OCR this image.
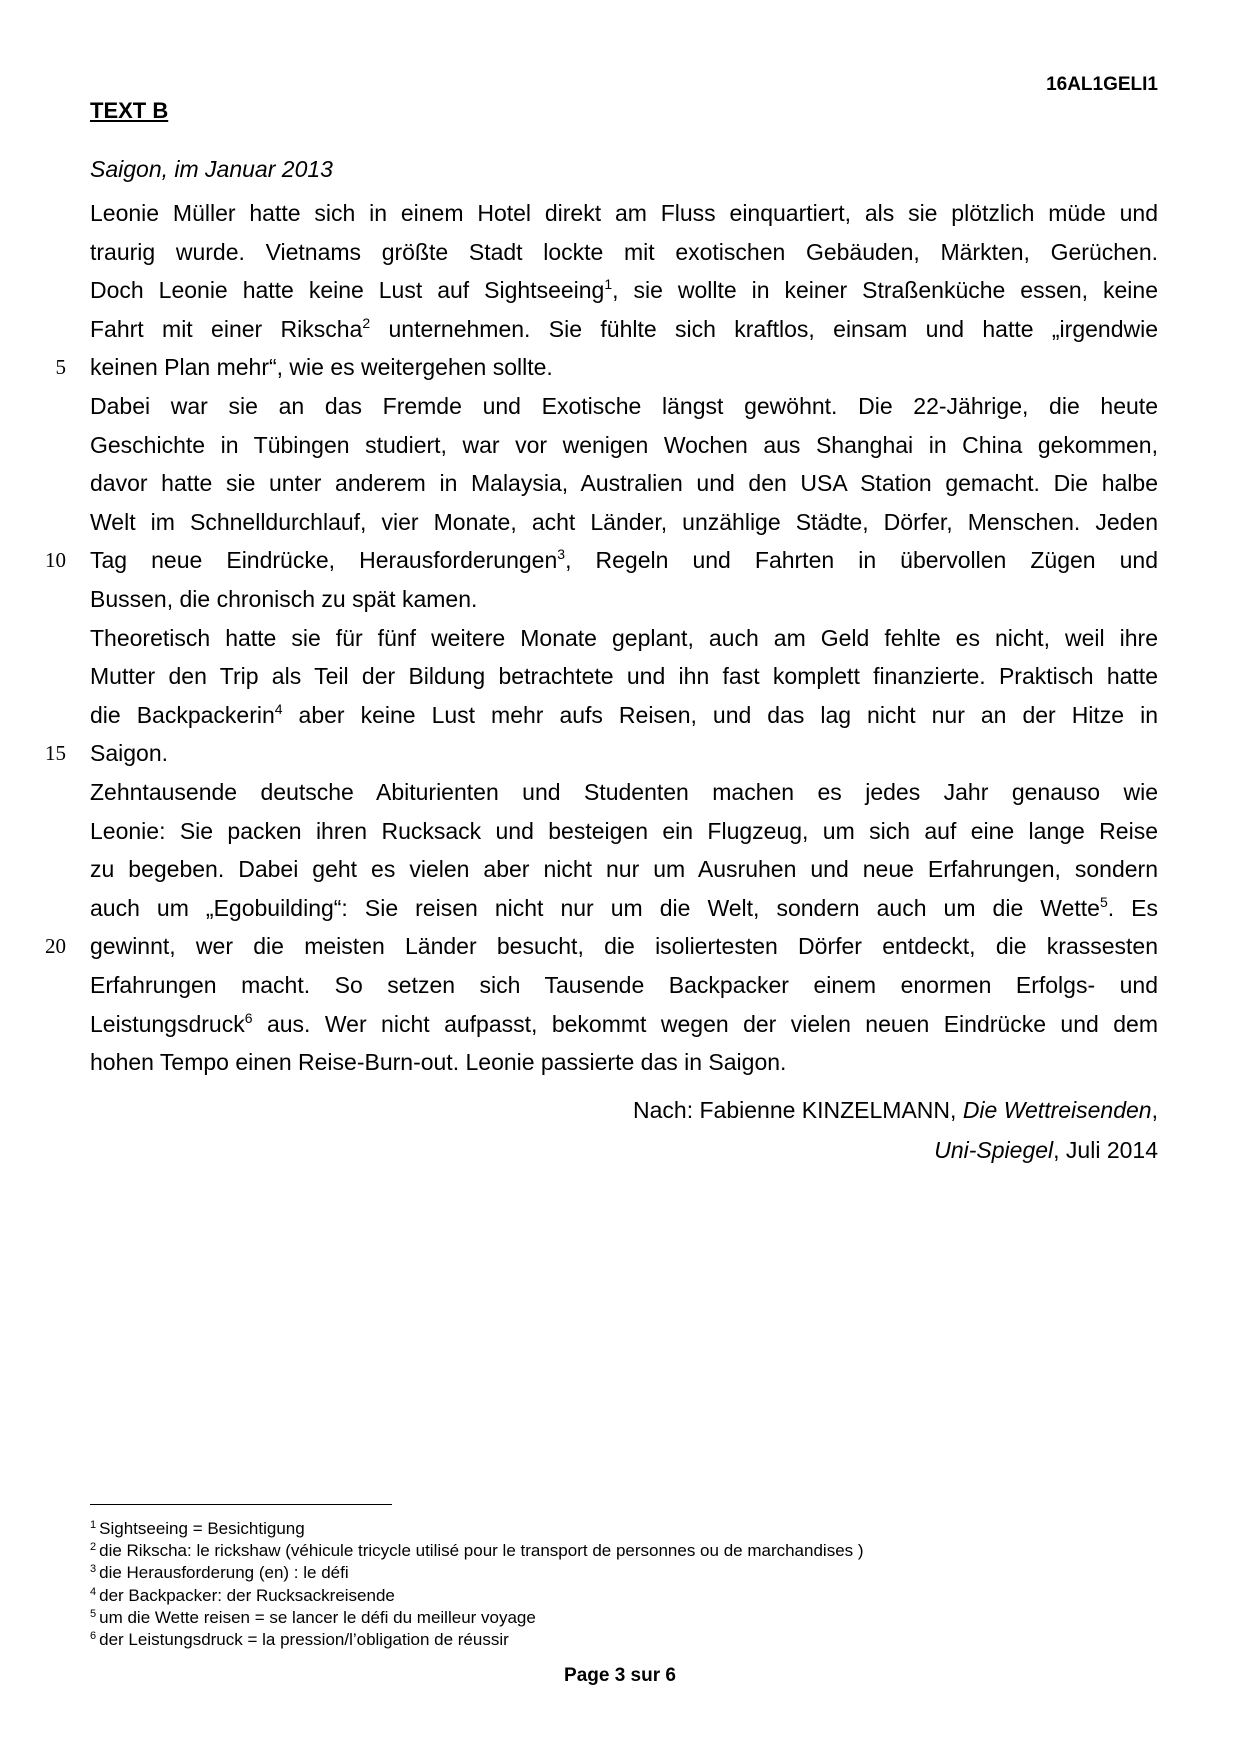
16AL1GELI1
TEXT B
Saigon, im Januar 2013
Leonie Müller hatte sich in einem Hotel direkt am Fluss einquartiert, als sie plötzlich müde und
traurig wurde. Vietnams größte Stadt lockte mit exotischen Gebäuden, Märkten, Gerüchen.
Doch Leonie hatte keine Lust auf Sightseeing$^1$, sie wollte in keiner Straßenküche essen, keine
Fahrt mit einer Rikscha$^2$ unternehmen. Sie fühlte sich kraftlos, einsam und hatte „irgendwie
keinen Plan mehr“, wie es weitergehen sollte.
Dabei war sie an das Fremde und Exotische längst gewöhnt. Die 22-Jährige, die heute
Geschichte in Tübingen studiert, war vor wenigen Wochen aus Shanghai in China gekommen,
davor hatte sie unter anderem in Malaysia, Australien und den USA Station gemacht. Die halbe
Welt im Schnelldurchlauf, vier Monate, acht Länder, unzählige Städte, Dörfer, Menschen. Jeden
Tag neue Eindrücke, Herausforderungen$^3$, Regeln und Fahrten in übervollen Zügen und
Bussen, die chronisch zu spät kamen.
Theoretisch hatte sie für fünf weitere Monate geplant, auch am Geld fehlte es nicht, weil ihre
Mutter den Trip als Teil der Bildung betrachtete und ihn fast komplett finanzierte. Praktisch hatte
die Backpackerin$^4$ aber keine Lust mehr aufs Reisen, und das lag nicht nur an der Hitze in
Saigon.
Zehntausende deutsche Abiturienten und Studenten machen es jedes Jahr genauso wie
Leonie: Sie packen ihren Rucksack und besteigen ein Flugzeug, um sich auf eine lange Reise
zu begeben. Dabei geht es vielen aber nicht nur um Ausruhen und neue Erfahrungen, sondern
auch um „Egobuilding“: Sie reisen nicht nur um die Welt, sondern auch um die Wette$^5$. Es
gewinnt, wer die meisten Länder besucht, die isoliertesten Dörfer entdeckt, die krassesten
Erfahrungen macht. So setzen sich Tausende Backpacker einem enormen Erfolgs- und
Leistungsdruck$^6$ aus. Wer nicht aufpasst, bekommt wegen der vielen neuen Eindrücke und dem
hohen Tempo einen Reise-Burn-out. Leonie passierte das in Saigon.
5
10
15
20
Nach: Fabienne KINZELMANN, Die Wettreisenden,
Uni-Spiegel, Juli 2014
$^1$ Sightseeing = Besichtigung
$^2$ die Rikscha: le rickshaw (véhicule tricycle utilisé pour le transport de personnes ou de marchandises )
$^3$ die Herausforderung (en) : le défi
$^4$ der Backpacker: der Rucksackreisende
$^5$ um die Wette reisen = se lancer le défi du meilleur voyage
$^6$ der Leistungsdruck = la pression/l’obligation de réussir
Page 3 sur 6
